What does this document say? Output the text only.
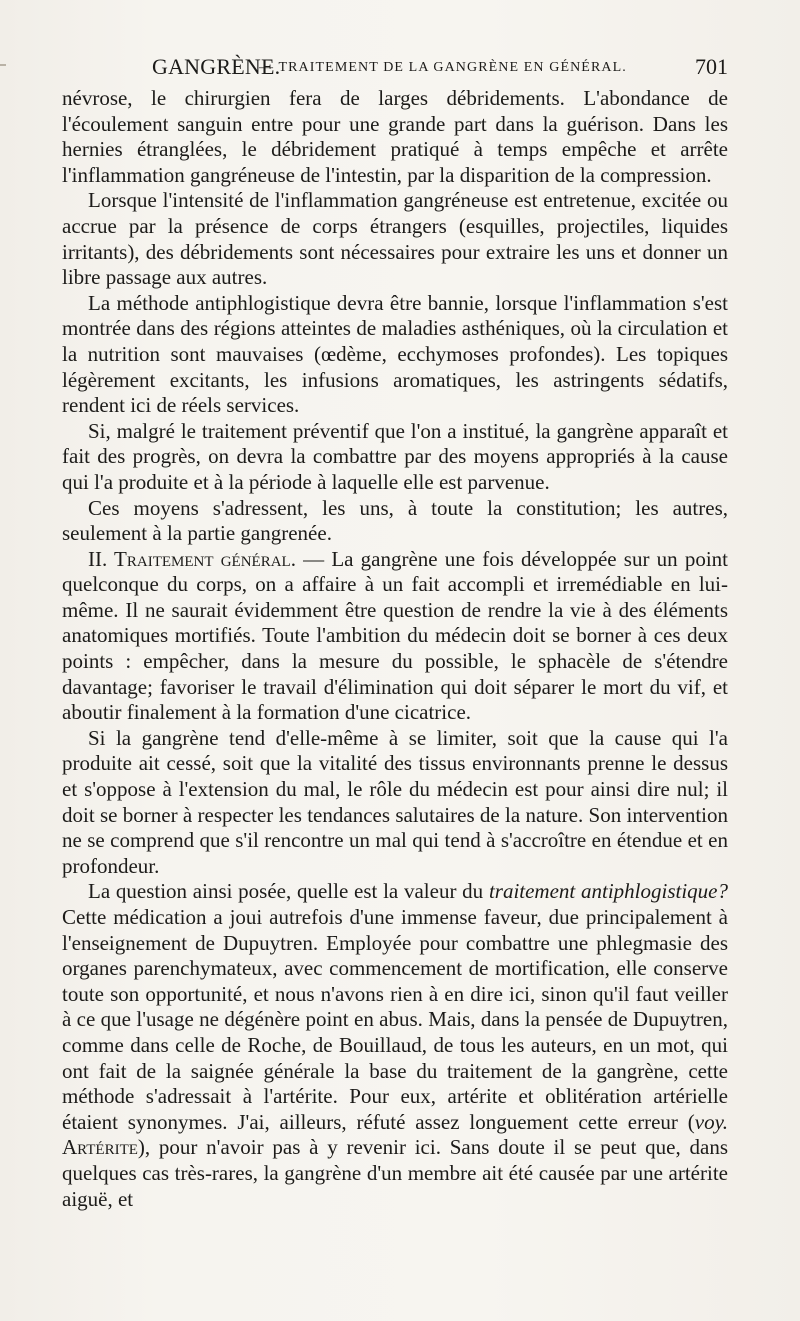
GANGRÈNE.
— TRAITEMENT DE LA GANGRÈNE EN GÉNÉRAL.	701

névrose, le chirurgien fera de larges débridements. L'abondance de l'écoulement sanguin entre pour une grande part dans la guérison. Dans les hernies étranglées, le débridement pratiqué à temps empêche et arrête l'inflammation gangréneuse de l'intestin, par la disparition de la compression.

Lorsque l'intensité de l'inflammation gangréneuse est entretenue, excitée ou accrue par la présence de corps étrangers (esquilles, projectiles, liquides irritants), des débridements sont nécessaires pour extraire les uns et donner un libre passage aux autres.

La méthode antiphlogistique devra être bannie, lorsque l'inflammation s'est montrée dans des régions atteintes de maladies asthéniques, où la circulation et la nutrition sont mauvaises (œdème, ecchymoses profondes). Les topiques légèrement excitants, les infusions aromatiques, les astringents sédatifs, rendent ici de réels services.

Si, malgré le traitement préventif que l'on a institué, la gangrène apparaît et fait des progrès, on devra la combattre par des moyens appropriés à la cause qui l'a produite et à la période à laquelle elle est parvenue.

Ces moyens s'adressent, les uns, à toute la constitution; les autres, seulement à la partie gangrenée.

II. Traitement général. — La gangrène une fois développée sur un point quelconque du corps, on a affaire à un fait accompli et irremédiable en lui-même. Il ne saurait évidemment être question de rendre la vie à des éléments anatomiques mortifiés. Toute l'ambition du médecin doit se borner à ces deux points : empêcher, dans la mesure du possible, le sphacèle de s'étendre davantage; favoriser le travail d'élimination qui doit séparer le mort du vif, et aboutir finalement à la formation d'une cicatrice.

Si la gangrène tend d'elle-même à se limiter, soit que la cause qui l'a produite ait cessé, soit que la vitalité des tissus environnants prenne le dessus et s'oppose à l'extension du mal, le rôle du médecin est pour ainsi dire nul; il doit se borner à respecter les tendances salutaires de la nature. Son intervention ne se comprend que s'il rencontre un mal qui tend à s'accroître en étendue et en profondeur.

La question ainsi posée, quelle est la valeur du traitement antiphlogistique? Cette médication a joui autrefois d'une immense faveur, due principalement à l'enseignement de Dupuytren. Employée pour combattre une phlegmasie des organes parenchymateux, avec commencement de mortification, elle conserve toute son opportunité, et nous n'avons rien à en dire ici, sinon qu'il faut veiller à ce que l'usage ne dégénère point en abus. Mais, dans la pensée de Dupuytren, comme dans celle de Roche, de Bouillaud, de tous les auteurs, en un mot, qui ont fait de la saignée générale la base du traitement de la gangrène, cette méthode s'adressait à l'artérite. Pour eux, artérite et oblitération artérielle étaient synonymes. J'ai, ailleurs, réfuté assez longuement cette erreur (voy. Artérite), pour n'avoir pas à y revenir ici. Sans doute il se peut que, dans quelques cas très-rares, la gangrène d'un membre ait été causée par une artérite aiguë, et
